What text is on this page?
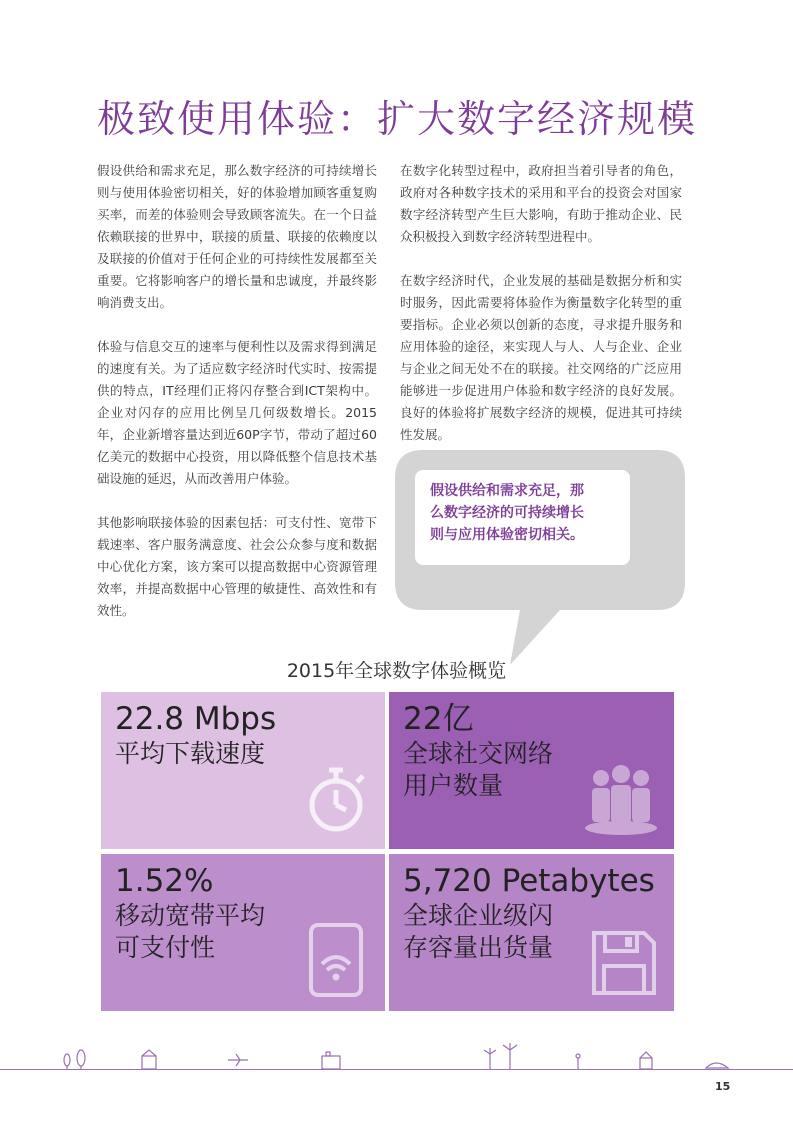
极致使用体验：扩大数字经济规模

假设供给和需求充足，那么数字经济的可持续增长则与使用体验密切相关，好的体验增加顾客重复购买率，而差的体验则会导致顾客流失。在一个日益依赖联接的世界中，联接的质量、联接的依赖度以及联接的价值对于任何企业的可持续性发展都至关重要。它将影响客户的增长量和忠诚度，并最终影响消费支出。

体验与信息交互的速率与便利性以及需求得到满足的速度有关。为了适应数字经济时代实时、按需提供的特点，IT经理们正将闪存整合到ICT架构中。企业对闪存的应用比例呈几何级数增长。2015年，企业新增容量达到近60P字节，带动了超过60亿美元的数据中心投资，用以降低整个信息技术基础设施的延迟，从而改善用户体验。

其他影响联接体验的因素包括：可支付性、宽带下载速率、客户服务满意度、社会公众参与度和数据中心优化方案，该方案可以提高数据中心资源管理效率，并提高数据中心管理的敏捷性、高效性和有效性。

在数字化转型过程中，政府担当着引导者的角色，政府对各种数字技术的采用和平台的投资会对国家数字经济转型产生巨大影响，有助于推动企业、民众积极投入到数字经济转型进程中。

在数字经济时代，企业发展的基础是数据分析和实时服务，因此需要将体验作为衡量数字化转型的重要指标。企业必须以创新的态度，寻求提升服务和应用体验的途径，来实现人与人、人与企业、企业与企业之间无处不在的联接。社交网络的广泛应用能够进一步促进用户体验和数字经济的良好发展。良好的体验将扩展数字经济的规模，促进其可持续性发展。

假设供给和需求充足，那
么数字经济的可持续增长
则与应用体验密切相关。
2015年全球数字体验概览
22.8 Mbps
平均下载速度
22亿
全球社交网络
用户数量
1.52%
移动宽带平均
可支付性
5,720 Petabytes
全球企业级闪
存容量出货量
15
